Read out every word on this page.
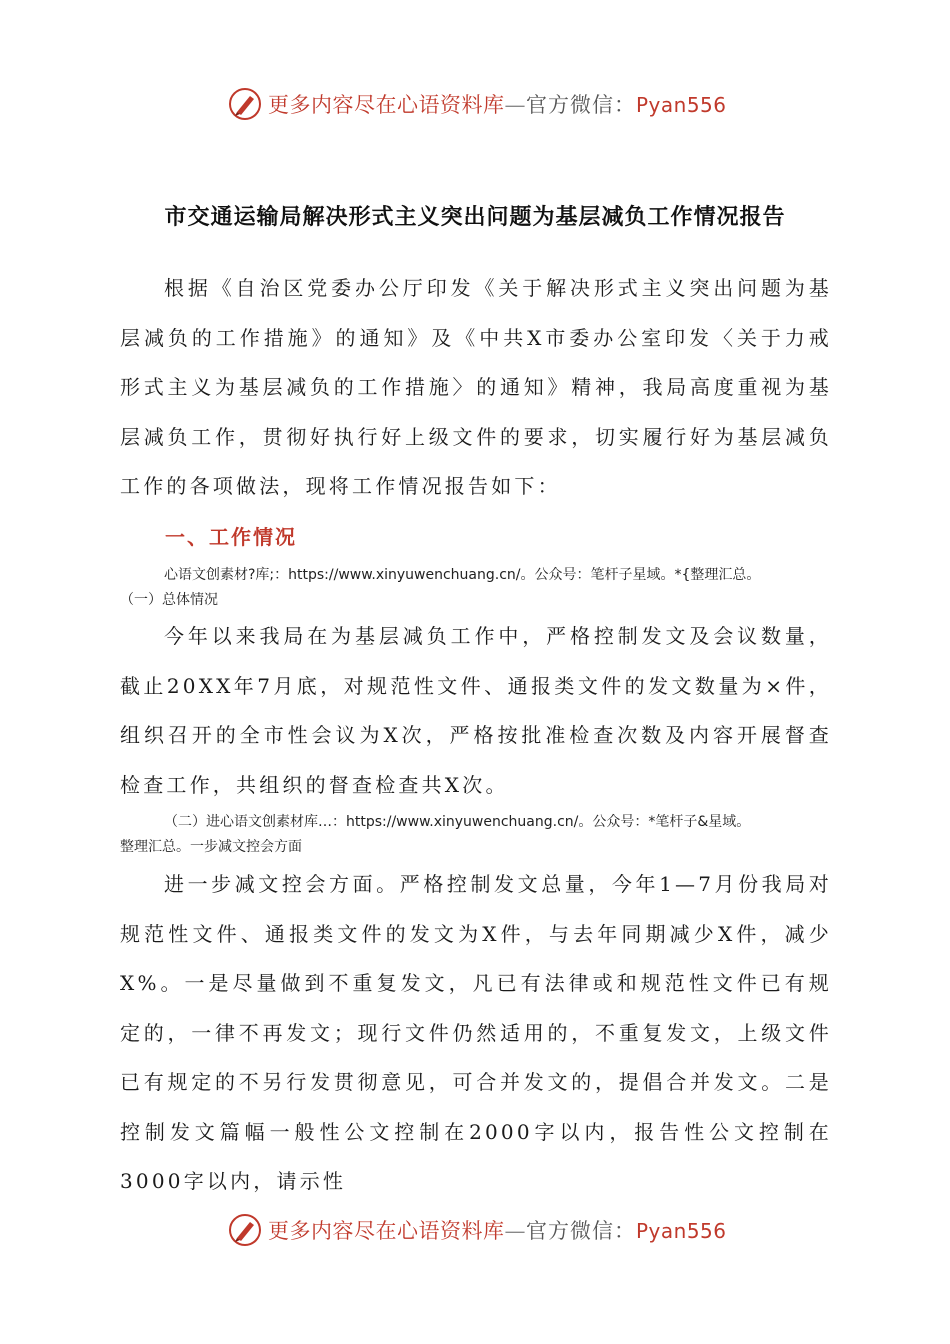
更多内容尽在心语资料库—官方微信：Pyan556
市交通运输局解决形式主义突出问题为基层减负工作情况报告

根据《自治区党委办公厅印发《关于解决形式主义突出问题为基层减负的工作措施》的通知》及《中共X市委办公室印发〈关于力戒形式主义为基层减负的工作措施〉的通知》精神，我局高度重视为基层减负工作，贯彻好执行好上级文件的要求，切实履行好为基层减负工作的各项做法，现将工作情况报告如下：

一、工作情况
心语文创素材?库;：https://www.xinyuwenchuang.cn/。公众号：笔杆子星域。*{整理汇总。
（一）总体情况

今年以来我局在为基层减负工作中，严格控制发文及会议数量，截止20XX年7月底，对规范性文件、通报类文件的发文数量为×件，组织召开的全市性会议为X次，严格按批准检查次数及内容开展督查检查工作，共组织的督查检查共X次。

（二）进心语文创素材库…：https://www.xinyuwenchuang.cn/。公众号：*笔杆子&星域。
整理汇总。一步减文控会方面

进一步减文控会方面。严格控制发文总量，今年1—7月份我局对规范性文件、通报类文件的发文为X件，与去年同期减少X件，减少X%。一是尽量做到不重复发文，凡已有法律或和规范性文件已有规定的，一律不再发文；现行文件仍然适用的，不重复发文，上级文件已有规定的不另行发贯彻意见，可合并发文的，提倡合并发文。二是控制发文篇幅一般性公文控制在2000字以内，报告性公文控制在3000字以内，请示性

更多内容尽在心语资料库—官方微信：Pyan556
